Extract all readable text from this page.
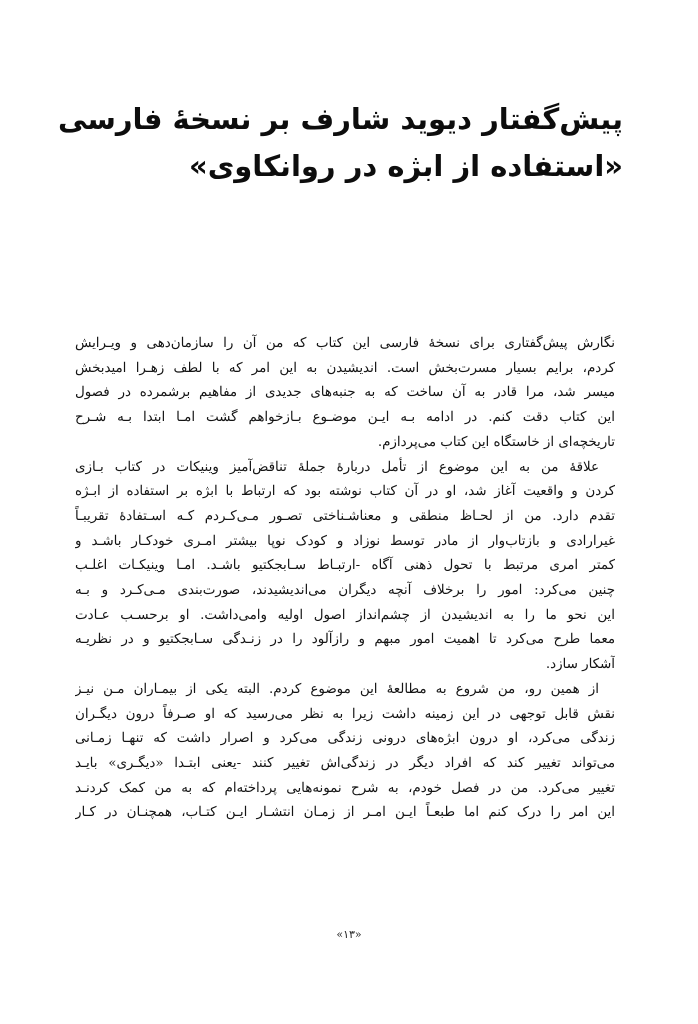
پیش‌گفتار دیوید شارف بر نسخهٔ فارسی
«استفاده از ابژه در روانکاوی»

نگارش پیش‌گفتاری برای نسخهٔ فارسی این کتاب که من آن را سازمان‌دهی و ویـرایش
کردم، برایم بسیار مسرت‌بخش است. اندیشیدن به این امر که با لطف زهـرا امیدبخش
میسر شد، مرا قادر به آن ساخت که به جنبه‌های جدیدی از مفاهیم برشمرده در فصول
این کتاب دقت کنم. در ادامه بـه ایـن موضـوع بـازخواهم گشت امـا ابتدا بـه شـرح
تاریخچه‌ای از خاستگاه این کتاب می‌پردازم.

علاقهٔ من به این موضوع از تأمل دربارهٔ جملهٔ تناقض‌آمیز وینیکات در کتاب بـازی
کردن و واقعیت آغاز شد، او در آن کتاب نوشته بود که ارتباط با ابژه بر استفاده از ابـژه
تقدم دارد. من از لحـاظ منطقی و معناشـناختی تصـور مـی‌کـردم کـه اسـتفادهٔ تقریبـاً
غیرارادی و بازتاب‌وار از مادر توسط نوزاد و کودک نوپا بیشتر امـری خودکـار باشـد و
کمتر امری مرتبط با تحول ذهنی آگاه -ارتبـاط سـابجکتیو باشـد. امـا وینیکـات اغلـب
چنین می‌کرد: امور را برخلاف آنچه دیگران می‌اندیشیدند، صورت‌بندی مـی‌کـرد و بـه
این نحو ما را به اندیشیدن از چشم‌انداز اصول اولیه وامی‌داشت. او برحسـب عـادت
معما طرح می‌کرد تا اهمیت امور مبهم و رازآلود را در زنـدگی سـابجکتیو و در نظریـه
آشکار سازد.

از همین رو، من شروع به مطالعهٔ این موضوع کردم. البته یکی از بیمـاران مـن نیـز
نقش قابل توجهی در این زمینه داشت زیرا به نظر می‌رسید که او صـرفاً درون دیگـران
زندگی می‌کرد، او درون ابژه‌های درونی زندگی می‌کرد و اصرار داشت که تنهـا زمـانی
می‌تواند تغییر کند که افراد دیگر در زندگی‌اش تغییر کنند -یعنی ابتـدا «دیگـری» بایـد
تغییر می‌کرد. من در فصل خودم، به شرح نمونه‌هایی پرداخته‌ام که به من کمک کردنـد
این امر را درک کنم اما طبعـاً ایـن امـر از زمـان انتشـار ایـن کتـاب، همچنـان در کـار

«۱۳»
